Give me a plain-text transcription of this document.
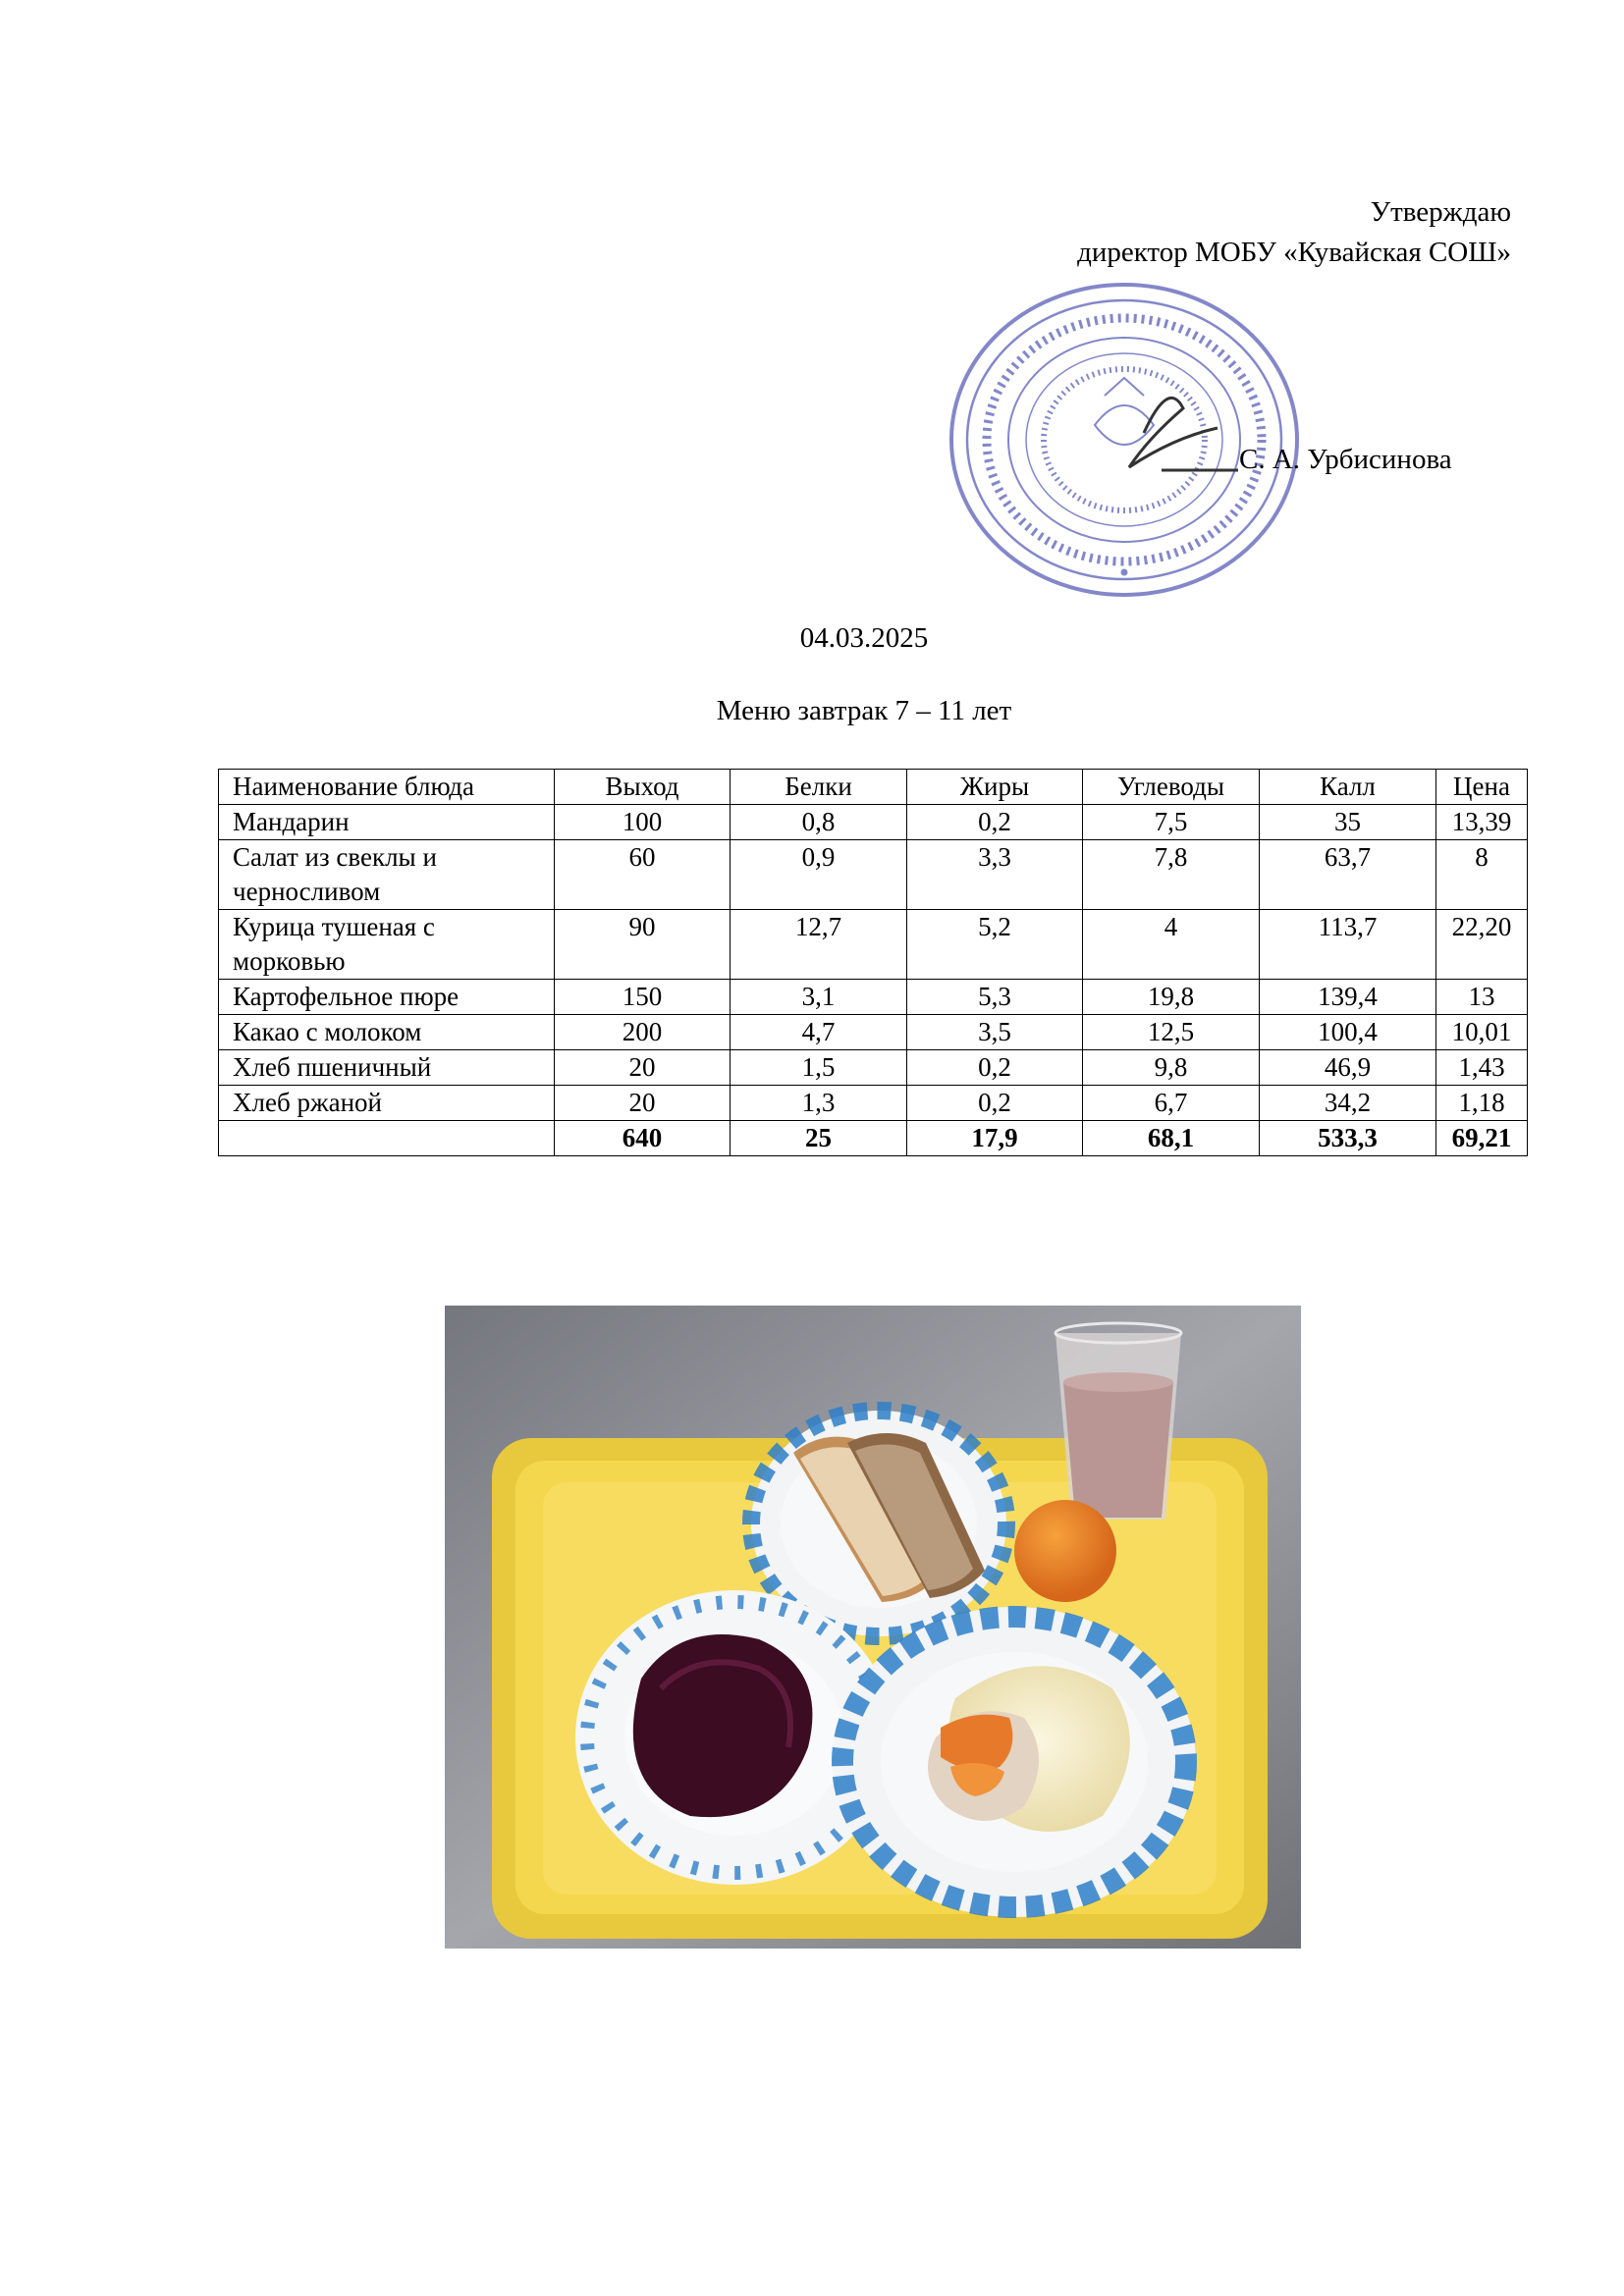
Утверждаю
директор МОБУ «Кувайская СОШ»
С. А. Урбисинова
04.03.2025
Меню завтрак 7 – 11 лет
Наименование блюда	Выход	Белки	Жиры	Углеводы	Калл	Цена
Мандарин	100	0,8	0,2	7,5	35	13,39
Салат из свеклы и черносливом	60	0,9	3,3	7,8	63,7	8
Курица тушеная с морковью	90	12,7	5,2	4	113,7	22,20
Картофельное пюре	150	3,1	5,3	19,8	139,4	13
Какао с молоком	200	4,7	3,5	12,5	100,4	10,01
Хлеб пшеничный	20	1,5	0,2	9,8	46,9	1,43
Хлеб ржаной	20	1,3	0,2	6,7	34,2	1,18
	640	25	17,9	68,1	533,3	69,21
